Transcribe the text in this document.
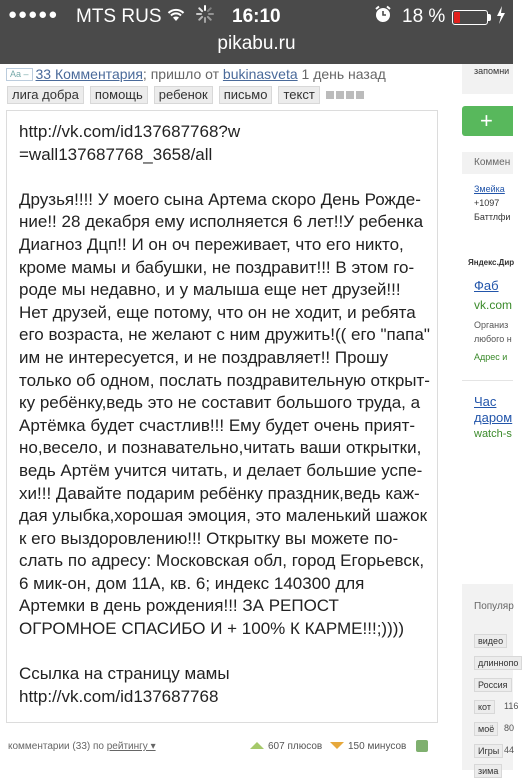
●●●●● MTS RUS	16:10	18 %
pikabu.ru
Aa – 33 Комментария; пришло от bukinasveta 1 день назад
лига добра помощь ребенок письмо текст

http://vk.com/id137687768?w=wall137687768_3658/all

Друзья!!!! У моего сына Артема скоро День Рожде-ние!! 28 декабря ему исполняется 6 лет!!У ребенка Диагноз Дцп!! И он оч переживает, что его никто, кроме мамы и бабушки, не поздравит!!! В этом го-роде мы недавно, и у малыша еще нет друзей!!! Нет друзей, еще потому, что он не ходит, и ребята его возраста, не желают с ним дружить!(( его "папа" им не интересуется, и не поздравляет!! Прошу только об одном, послать поздравительную открыт-ку ребёнку,ведь это не составит большого труда, а Артёмка будет счастлив!!! Ему будет очень прият-но,весело, и познавательно,читать ваши открытки, ведь Артём учится читать, и делает большие успе-хи!!! Давайте подарим ребёнку праздник,ведь каж-дая улыбка,хорошая эмоция, это маленький шажок к его выздоровлению!!! Открытку вы можете по-слать по адресу: Московская обл, город Егорьевск, 6 мик-он, дом 11А, кв. 6; индекс 140300 для Артемки в день рождения!!! ЗА РЕПОСТ ОГРОМНОЕ СПАСИБО И + 100% К КАРМЕ!!!;))))

Ссылка на страницу мамы http://vk.com/id137687768

комментарии (33) по рейтингу ▾	607 плюсов	150 минусов
запомни
+
Коммен
Змейка
+1097
Баттлфи
Яндекс.Дир
Фаб
vk.com
Организ
любого н
Адрес и
Час
даром
watch-s
Популяр
видео
длиннопо
Россия
кот	116
моё	80
Игры 44
зима
